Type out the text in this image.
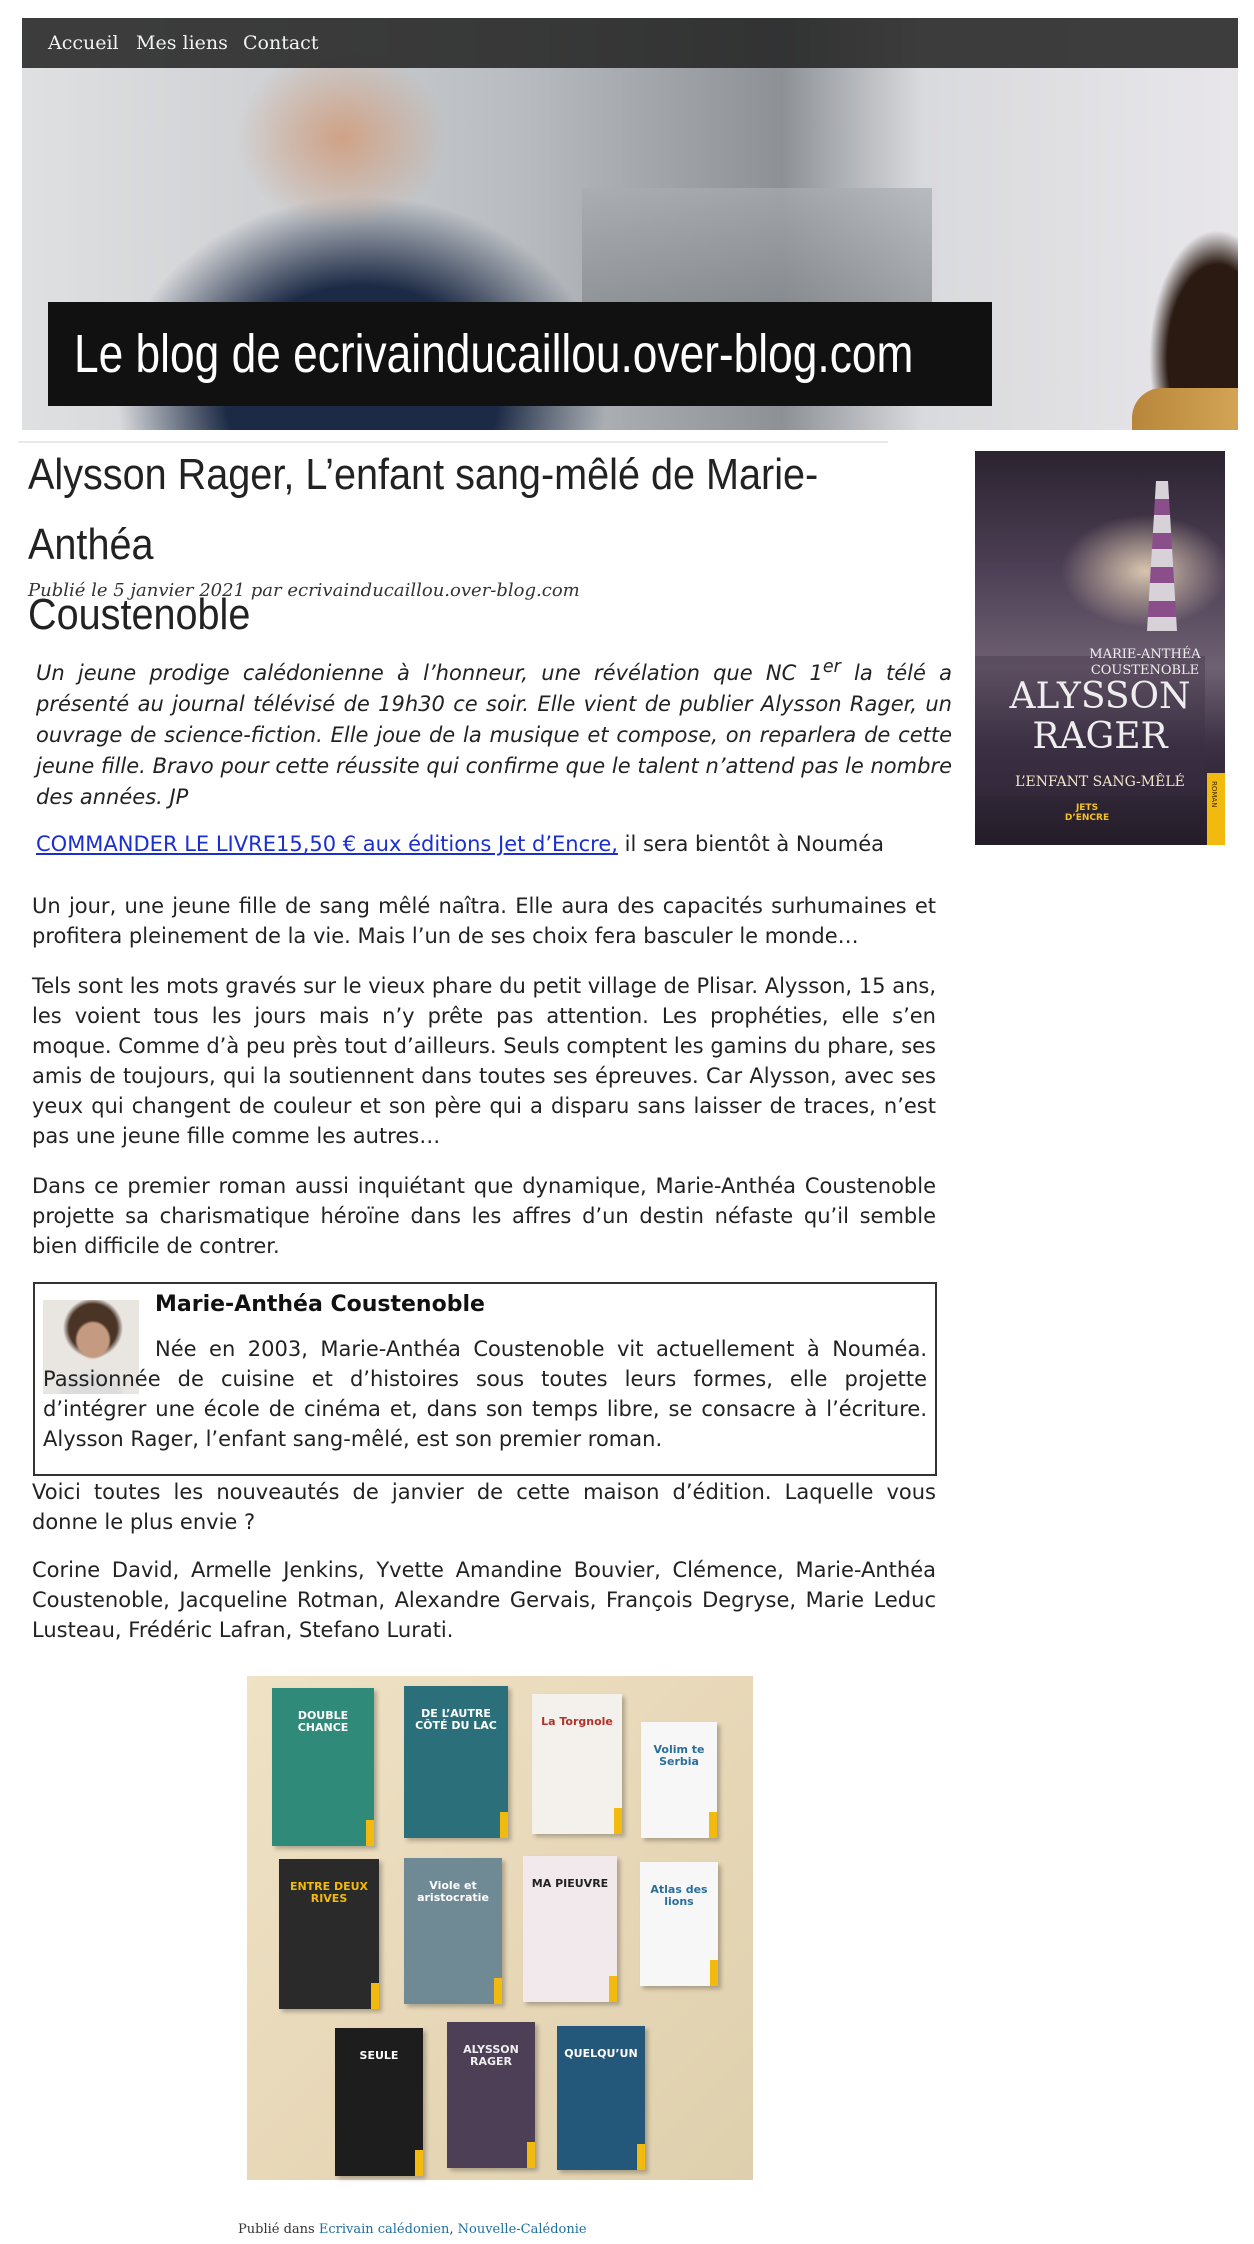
Accueil Mes liens Contact
Le blog de ecrivainducaillou.over-blog.com
Alysson Rager, L’enfant sang-mêlé de Marie-Anthéa
Coustenoble
Publié le 5 janvier 2021 par ecrivainducaillou.over-blog.com

Un jeune prodige calédonienne à l’honneur, une révélation que NC 1er la télé a présenté au journal télévisé de 19h30 ce soir. Elle vient de publier Alysson Rager, un ouvrage de science-fiction. Elle joue de la musique et compose, on reparlera de cette jeune fille. Bravo pour cette réussite qui confirme que le talent n’attend pas le nombre des années. JP

COMMANDER LE LIVRE15,50 € aux éditions Jet d’Encre, il sera bientôt à Nouméa

Un jour, une jeune fille de sang mêlé naîtra. Elle aura des capacités surhumaines et profitera pleinement de la vie. Mais l’un de ses choix fera basculer le monde…

Tels sont les mots gravés sur le vieux phare du petit village de Plisar. Alysson, 15 ans, les voient tous les jours mais n’y prête pas attention. Les prophéties, elle s’en moque. Comme d’à peu près tout d’ailleurs. Seuls comptent les gamins du phare, ses amis de toujours, qui la soutiennent dans toutes ses épreuves. Car Alysson, avec ses yeux qui changent de couleur et son père qui a disparu sans laisser de traces, n’est pas une jeune fille comme les autres…

Dans ce premier roman aussi inquiétant que dynamique, Marie-Anthéa Coustenoble projette sa charismatique héroïne dans les affres d’un destin néfaste qu’il semble bien difficile de contrer.

Marie-Anthéa Coustenoble

Née en 2003, Marie-Anthéa Coustenoble vit actuellement à Nouméa. Passionnée de cuisine et d’histoires sous toutes leurs formes, elle projette d’intégrer une école de cinéma et, dans son temps libre, se consacre à l’écriture. Alysson Rager, l’enfant sang-mêlé, est son premier roman.

Voici toutes les nouveautés de janvier de cette maison d’édition. Laquelle vous donne le plus envie ?

Corine David, Armelle Jenkins, Yvette Amandine Bouvier, Clémence, Marie-Anthéa Coustenoble, Jacqueline Rotman, Alexandre Gervais, François Degryse, Marie Leduc Lusteau, Frédéric Lafran, Stefano Lurati.

DOUBLE CHANCE
DE L’AUTRE CÔTÉ DU LAC	La Torgnole
Volim te Serbia
ENTRE DEUX RIVES
Viole et aristocratie
MA PIEUVRE	Atlas des lions
SEULE	ALYSSON RAGER
QUELQU’UN
Publié dans Ecrivain calédonien, Nouvelle-Calédonie
MARIE-ANTHÉA COUSTENOBLE
ALYSSON
RAGER
L’ENFANT SANG-MÊLÉ
JETS D’ENCRE
ROMAN
